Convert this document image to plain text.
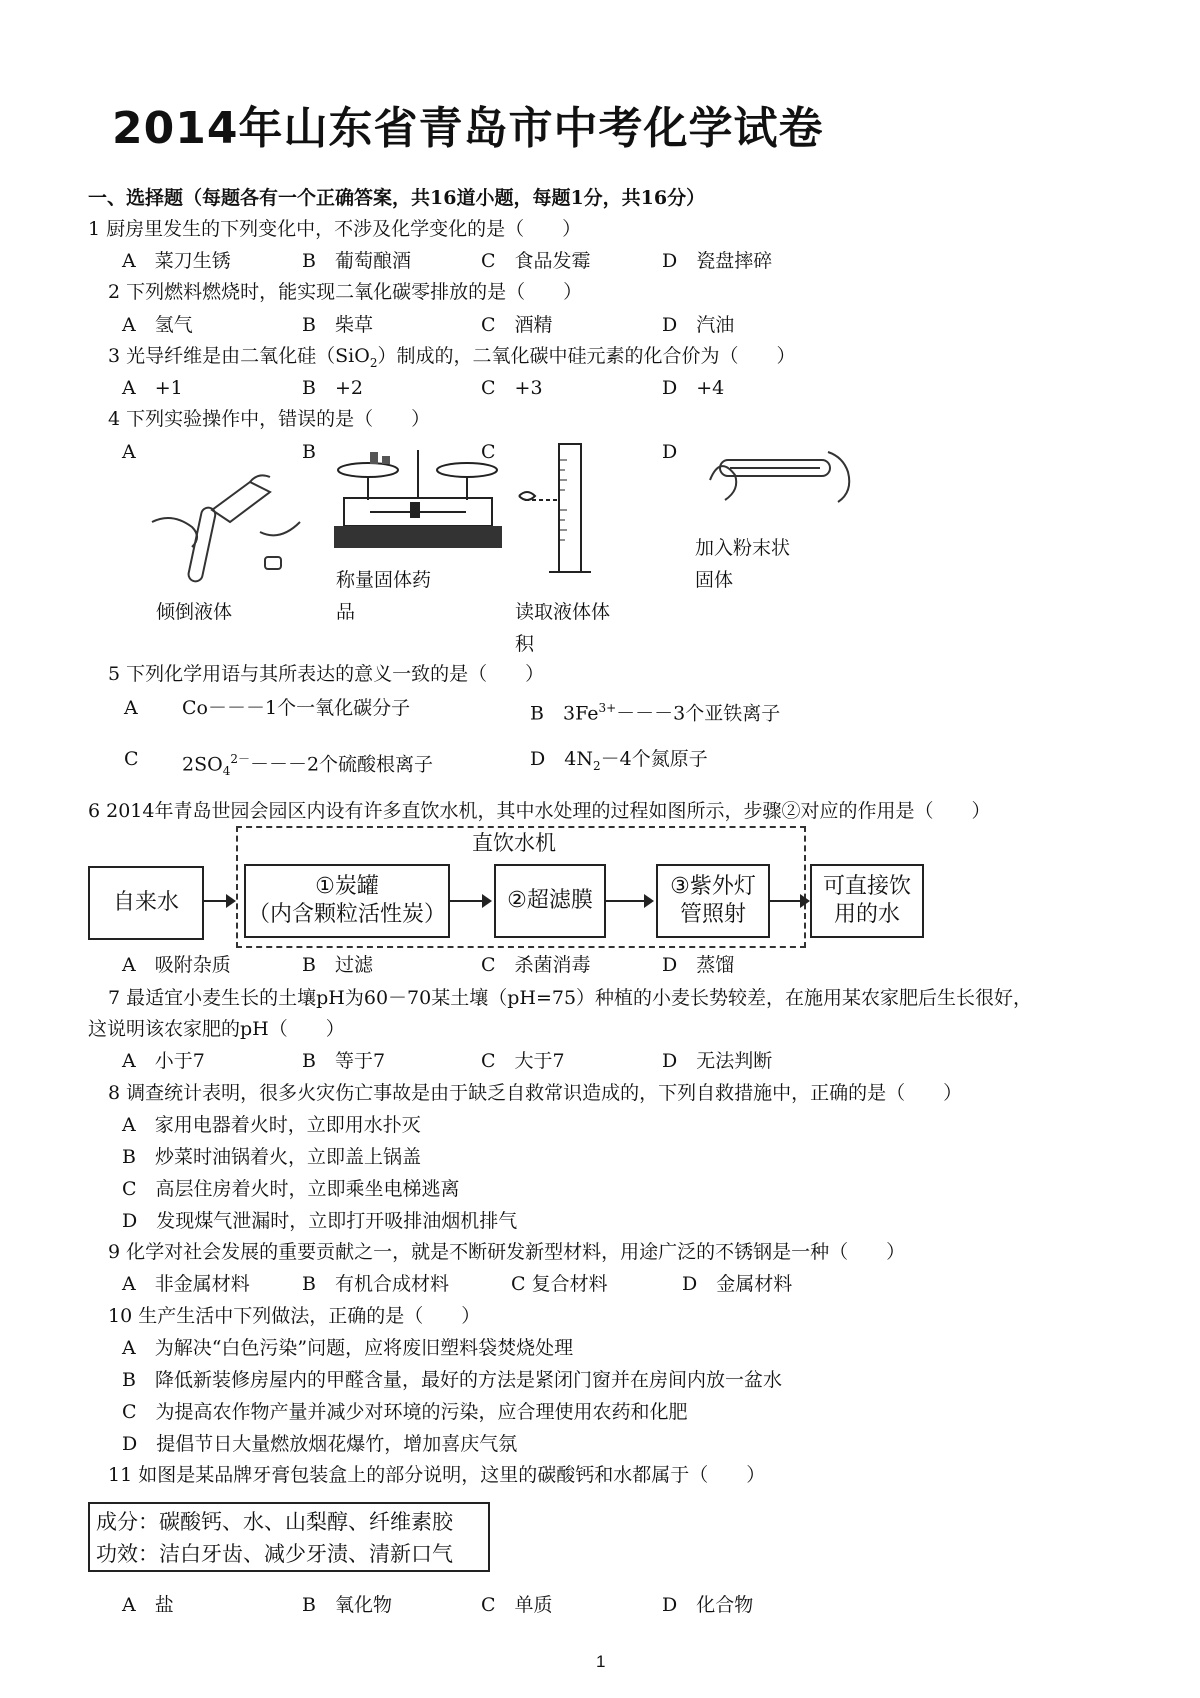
2014年山东省青岛市中考化学试卷
一、选择题（每题各有一个正确答案，共16道小题，每题1分，共16分）
1 厨房里发生的下列变化中，不涉及化学变化的是（　　）
A　菜刀生锈	B　葡萄酿酒	C　食品发霉	D　瓷盘摔碎
2 下列燃料燃烧时，能实现二氧化碳零排放的是（　　）
A　氢气	B　柴草	C　酒精	D　汽油
3 光导纤维是由二氧化硅（SiO$_2$）制成的，二氧化碳中硅元素的化合价为（　　）
A　+1	B　+2	C　+3	D　+4
4 下列实验操作中，错误的是（　　）
A	B	C	D
倾倒液体
称量固体药
品	读取液体体
积
加入粉末状
固体
5 下列化学用语与其所表达的意义一致的是（　　）
A Co－－－1个一氧化碳分子	B　 $3Fe^{3+}---3$个亚铁离子
C $2SO_4^{2-}---2$个硫酸根离子	D　 $4N_2-4$个氮原子
6 2014年青岛世园会园区内设有许多直饮水机，其中水处理的过程如图所示，步骤②对应的作用是（　　）
直饮水机
自来水
①炭罐
（内含颗粒活性炭）
②超滤膜
③紫外灯
管照射
可直接饮
用的水
A　吸附杂质	B　过滤	C　杀菌消毒	D　蒸馏
7 最适宜小麦生长的土壤pH为60－70某土壤（pH=75）种植的小麦长势较差，在施用某农家肥后生长很好，
这说明该农家肥的pH（　　）
A　小于7	B　等于7	C　大于7	D　无法判断
8 调查统计表明，很多火灾伤亡事故是由于缺乏自救常识造成的，下列自救措施中，正确的是（　　）
A　家用电器着火时，立即用水扑灭
B　炒菜时油锅着火，立即盖上锅盖
C　高层住房着火时，立即乘坐电梯逃离
D　发现煤气泄漏时，立即打开吸排油烟机排气
9 化学对社会发展的重要贡献之一，就是不断研发新型材料，用途广泛的不锈钢是一种（　　）
A　非金属材料	B　有机合成材料	C 复合材料	D　金属材料
10 生产生活中下列做法，正确的是（　　）
A　为解决“白色污染”问题，应将废旧塑料袋焚烧处理
B　降低新装修房屋内的甲醛含量，最好的方法是紧闭门窗并在房间内放一盆水
C　为提高农作物产量并减少对环境的污染，应合理使用农药和化肥
D　提倡节日大量燃放烟花爆竹，增加喜庆气氛
11 如图是某品牌牙膏包装盒上的部分说明，这里的碳酸钙和水都属于（　　）
成分：碳酸钙、水、山梨醇、纤维素胶
功效：洁白牙齿、减少牙渍、清新口气
A　盐	B　氧化物	C　单质	D　化合物
1
